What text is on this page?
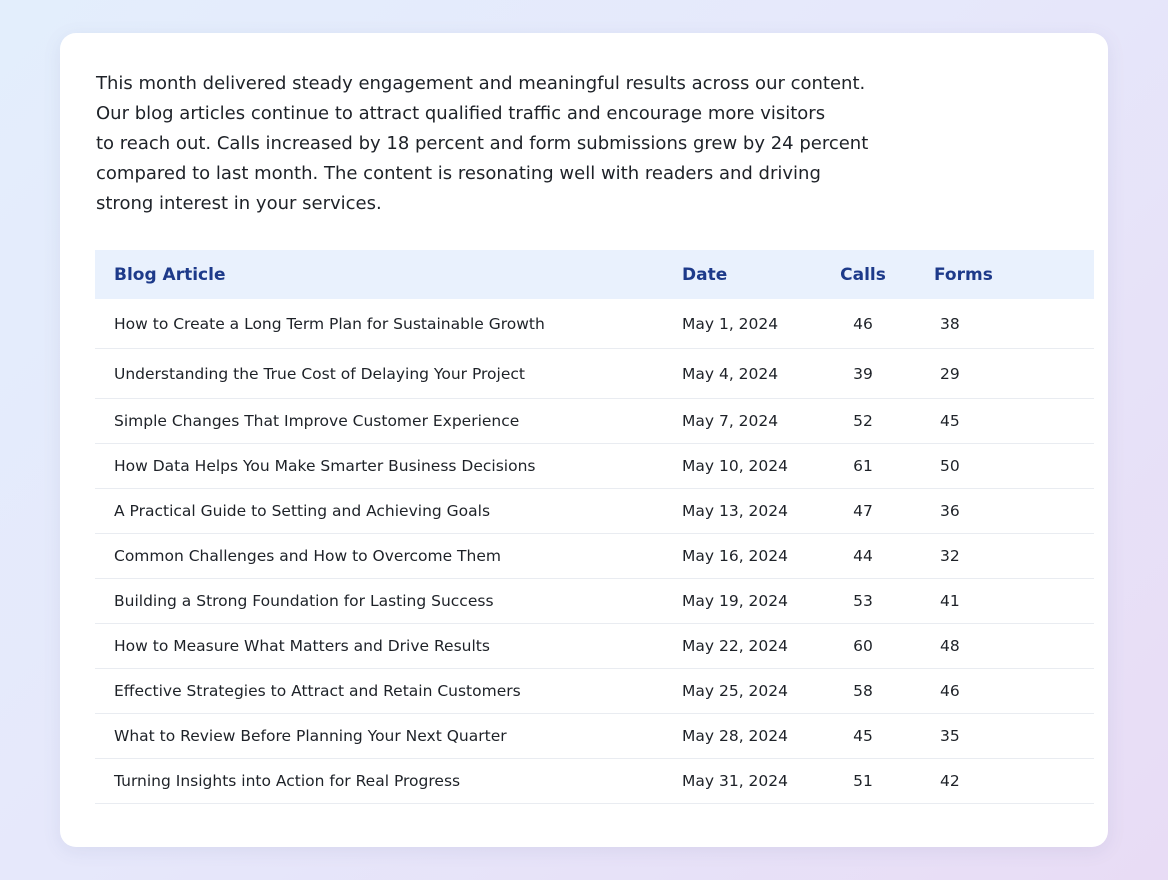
This month delivered steady engagement and meaningful results across our content.
Our blog articles continue to attract qualified traffic and encourage more visitors
to reach out. Calls increased by 18 percent and form submissions grew by 24 percent
compared to last month. The content is resonating well with readers and driving
strong interest in your services.

Blog Article	Date	Calls	Forms
How to Create a Long Term Plan for Sustainable Growth	May 1, 2024	46	38
Understanding the True Cost of Delaying Your Project	May 4, 2024	39	29
Simple Changes That Improve Customer Experience	May 7, 2024	52	45
How Data Helps You Make Smarter Business Decisions	May 10, 2024	61	50
A Practical Guide to Setting and Achieving Goals	May 13, 2024	47	36
Common Challenges and How to Overcome Them	May 16, 2024	44	32
Building a Strong Foundation for Lasting Success	May 19, 2024	53	41
How to Measure What Matters and Drive Results	May 22, 2024	60	48
Effective Strategies to Attract and Retain Customers	May 25, 2024	58	46
What to Review Before Planning Your Next Quarter	May 28, 2024	45	35
Turning Insights into Action for Real Progress	May 31, 2024	51	42
